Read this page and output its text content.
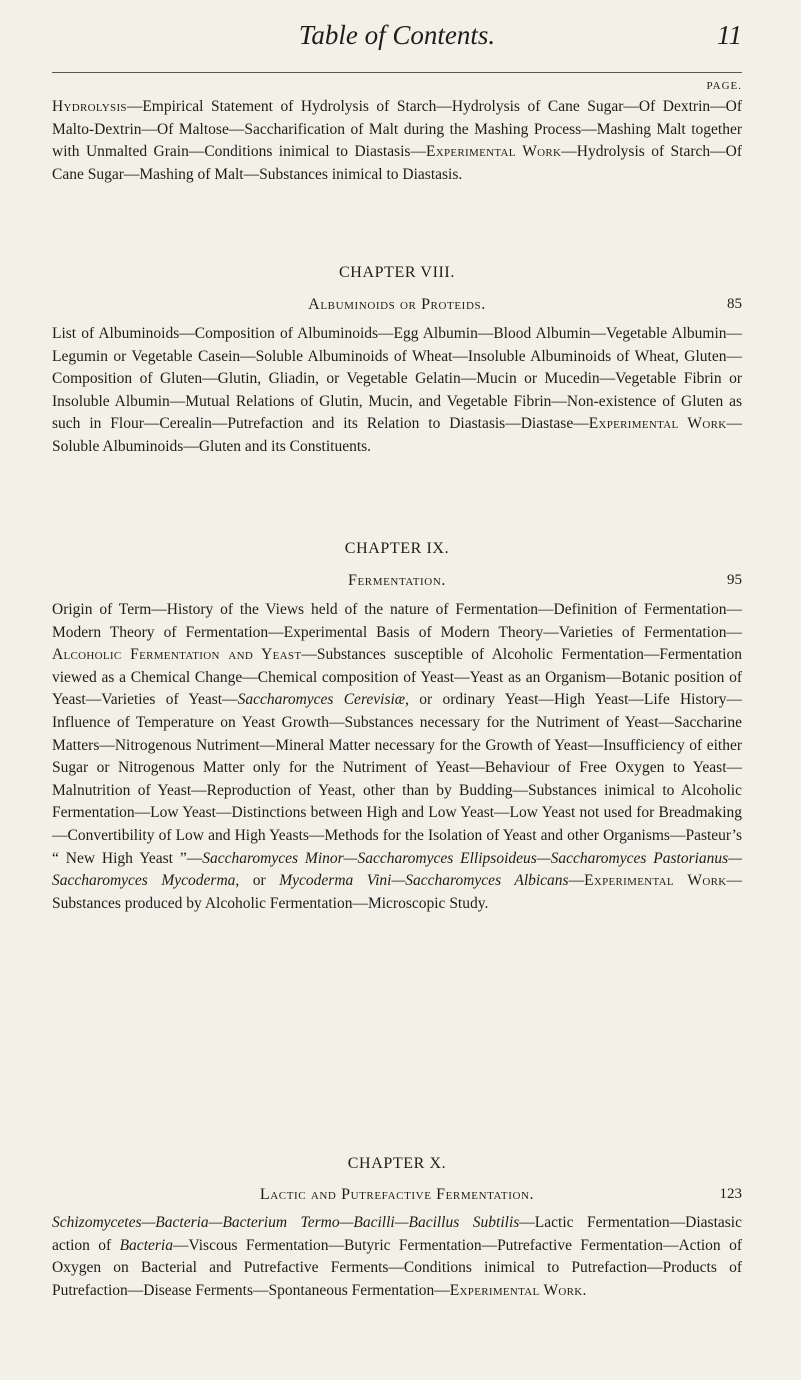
Table of Contents.	11
PAGE.
Hydrolysis—Empirical Statement of Hydrolysis of Starch—Hydrolysis of Cane Sugar—Of Dextrin—Of Malto-Dextrin—Of Maltose—Saccharification of Malt during the Mashing Process—Mashing Malt together with Unmalted Grain—Conditions inimical to Diastasis—Experimental Work—Hydrolysis of Starch—Of Cane Sugar—Mashing of Malt—Substances inimical to Diastasis.
CHAPTER VIII.
Albuminoids or Proteids.	85
List of Albuminoids—Composition of Albuminoids—Egg Albumin—Blood Albumin—Vegetable Albumin—Legumin or Vegetable Casein—Soluble Albuminoids of Wheat—Insoluble Albuminoids of Wheat, Gluten—Composition of Gluten—Glutin, Gliadin, or Vegetable Gelatin—Mucin or Mucedin—Vegetable Fibrin or Insoluble Albumin—Mutual Relations of Glutin, Mucin, and Vegetable Fibrin—Non-existence of Gluten as such in Flour—Cerealin—Putrefaction and its Relation to Diastasis—Diastase—Experimental Work—Soluble Albuminoids—Gluten and its Constituents.
CHAPTER IX.
Fermentation.	95
Origin of Term—History of the Views held of the nature of Fermentation—Definition of Fermentation—Modern Theory of Fermentation—Experimental Basis of Modern Theory—Varieties of Fermentation—Alcoholic Fermentation and Yeast—Substances susceptible of Alcoholic Fermentation—Fermentation viewed as a Chemical Change—Chemical composition of Yeast—Yeast as an Organism—Botanic position of Yeast—Varieties of Yeast—Saccharomyces Cerevisiæ, or ordinary Yeast—High Yeast—Life History—Influence of Temperature on Yeast Growth—Substances necessary for the Nutriment of Yeast—Saccharine Matters—Nitrogenous Nutriment—Mineral Matter necessary for the Growth of Yeast—Insufficiency of either Sugar or Nitrogenous Matter only for the Nutriment of Yeast—Behaviour of Free Oxygen to Yeast—Malnutrition of Yeast—Reproduction of Yeast, other than by Budding—Substances inimical to Alcoholic Fermentation—Low Yeast—Distinctions between High and Low Yeast—Low Yeast not used for Breadmaking—Convertibility of Low and High Yeasts—Methods for the Isolation of Yeast and other Organisms—Pasteur’s “ New High Yeast ”—Saccharomyces Minor—Saccharomyces Ellipsoideus—Saccharomyces Pastorianus—Saccharomyces Mycoderma, or Mycoderma Vini—Saccharomyces Albicans—Experimental Work—Substances produced by Alcoholic Fermentation—Microscopic Study.
CHAPTER X.
Lactic and Putrefactive Fermentation.	123
Schizomycetes—Bacteria—Bacterium Termo—Bacilli—Bacillus Subtilis—Lactic Fermentation—Diastasic action of Bacteria—Viscous Fermentation—Butyric Fermentation—Putrefactive Fermentation—Action of Oxygen on Bacterial and Putrefactive Ferments—Conditions inimical to Putrefaction—Products of Putrefaction—Disease Ferments—Spontaneous Fermentation—Experimental Work.
